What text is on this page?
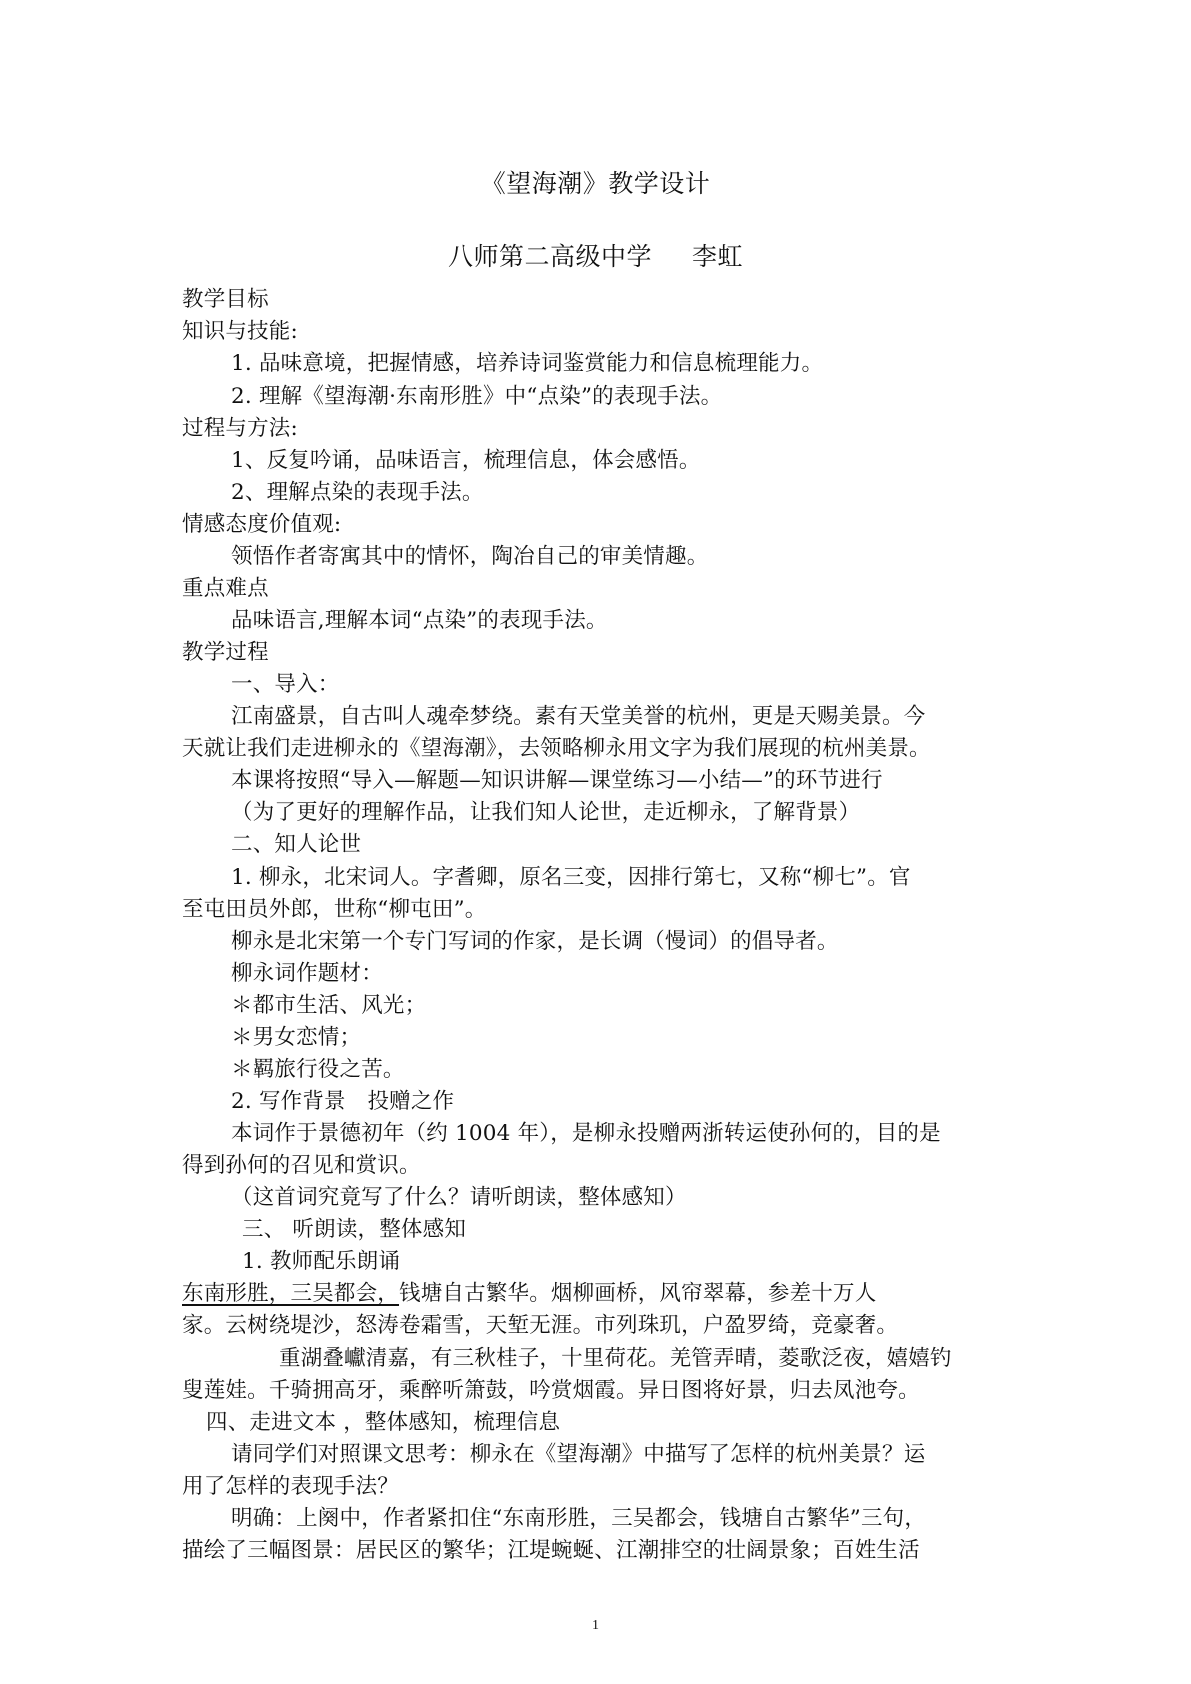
《望海潮》教学设计
八师第二高级中学 李虹
教学目标
知识与技能:
1. 品味意境，把握情感，培养诗词鉴赏能力和信息梳理能力。
2. 理解《望海潮·东南形胜》中“点染”的表现手法。
过程与方法:
1、反复吟诵，品味语言，梳理信息，体会感悟。
2、理解点染的表现手法。
情感态度价值观:
领悟作者寄寓其中的情怀，陶冶自己的审美情趣。
重点难点
品味语言,理解本词“点染”的表现手法。
教学过程
一、导入：
江南盛景，自古叫人魂牵梦绕。素有天堂美誉的杭州，更是天赐美景。今
天就让我们走进柳永的《望海潮》，去领略柳永用文字为我们展现的杭州美景。
本课将按照“导入—解题—知识讲解—课堂练习—小结—”的环节进行
（为了更好的理解作品，让我们知人论世，走近柳永，了解背景）
二、知人论世
1. 柳永，北宋词人。字耆卿，原名三变，因排行第七，又称“柳七”。官
至屯田员外郎，世称“柳屯田”。
柳永是北宋第一个专门写词的作家，是长调（慢词）的倡导者。
柳永词作题材：
＊都市生活、风光；
＊男女恋情；
＊羁旅行役之苦。
2. 写作背景　投赠之作
本词作于景德初年（约 1004 年），是柳永投赠两浙转运使孙何的，目的是
得到孙何的召见和赏识。
（这首词究竟写了什么？请听朗读，整体感知）
三、 听朗读，整体感知
1. 教师配乐朗诵
东南形胜，三吴都会，钱塘自古繁华。烟柳画桥，风帘翠幕，参差十万人
家。云树绕堤沙，怒涛卷霜雪，天堑无涯。市列珠玑，户盈罗绮，竞豪奢。
重湖叠巘清嘉，有三秋桂子，十里荷花。羌管弄晴，菱歌泛夜，嬉嬉钓
叟莲娃。千骑拥高牙，乘醉听箫鼓，吟赏烟霞。异日图将好景，归去凤池夸。
四、走进文本 ，整体感知，梳理信息
请同学们对照课文思考：柳永在《望海潮》中描写了怎样的杭州美景？运
用了怎样的表现手法？
明确：上阕中，作者紧扣住“东南形胜，三吴都会，钱塘自古繁华”三句，
描绘了三幅图景：居民区的繁华；江堤蜿蜒、江潮排空的壮阔景象；百姓生活
1
